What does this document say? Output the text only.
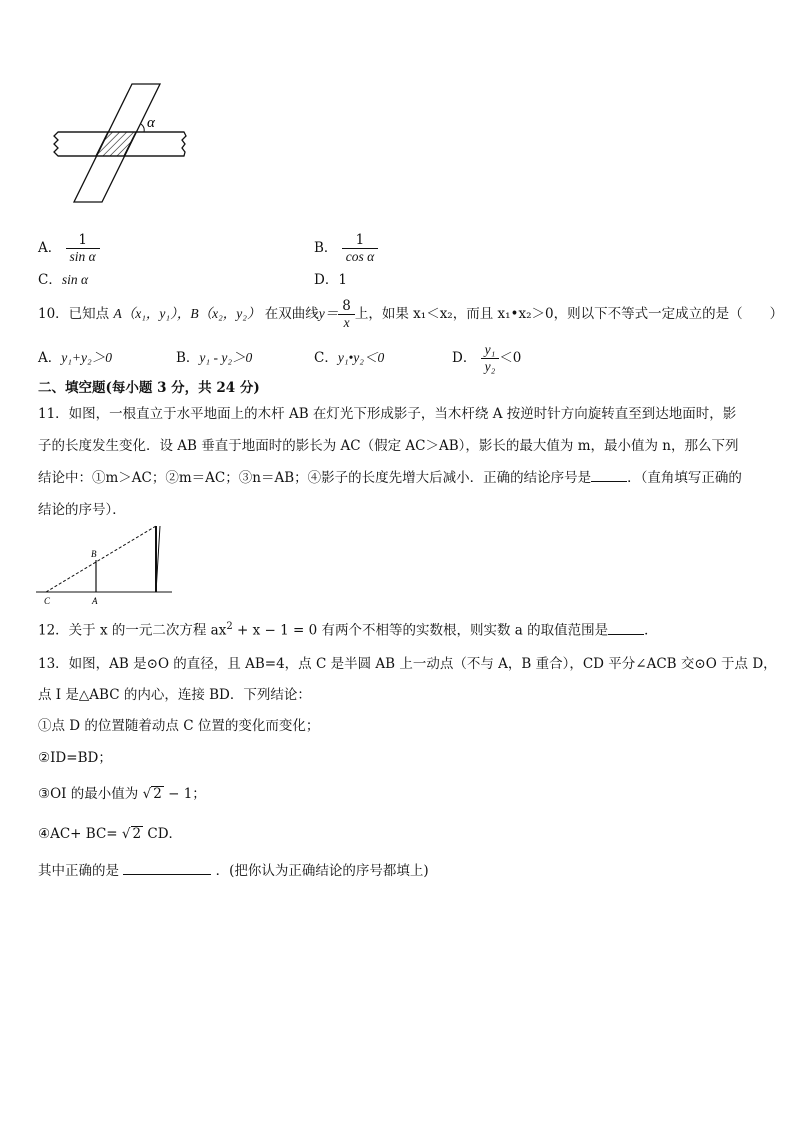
α
A． $\frac{1}{\text{sin α}}$	B． $\frac{1}{\text{cos α}}$
C．sin α	D．1
10．已知点 A（x₁，y₁），B（x₂，y₂） 在双曲线$y= \frac{8}{x}$ 上，如果 x₁＜x₂，而且 x₁•x₂＞0，则以下不等式一定成立的是（　　）
A．y₁+y₂＞0	B．y₁ - y₂＞0	C．y₁•y₂＜0	D． $\frac{\text{y₁}}{\text{y₂}} <0$
二、填空题(每小题 3 分，共 24 分)
11．如图，一根直立于水平地面上的木杆 AB 在灯光下形成影子，当木杆绕 A 按逆时针方向旋转直至到达地面时，影
子的长度发生变化．设 AB 垂直于地面时的影长为 AC（假定 AC＞AB），影长的最大值为 m，最小值为 n，那么下列
结论中：①m＞AC；②m＝AC；③n＝AB；④影子的长度先增大后减小．正确的结论序号是	．（直角填写正确的
结论的序号）．
B
C	A
12．关于 x 的一元二次方程 $ax^2 + x - 1 = 0$ 有两个不相等的实数根，则实数 a 的取值范围是	．
13．如图，AB 是⊙O 的直径，且 AB=4，点 C 是半圆 AB 上一动点（不与 A，B 重合），CD 平分∠ACB 交⊙O 于点 D，
点 I 是△ABC 的内心，连接 BD．下列结论：
①点 D 的位置随着动点 C 位置的变化而变化；
②ID=BD；
③OI 的最小值为 √ 2 − 1；
④AC+ BC= √ 2 CD．
其中正确的是	．(把你认为正确结论的序号都填上)
